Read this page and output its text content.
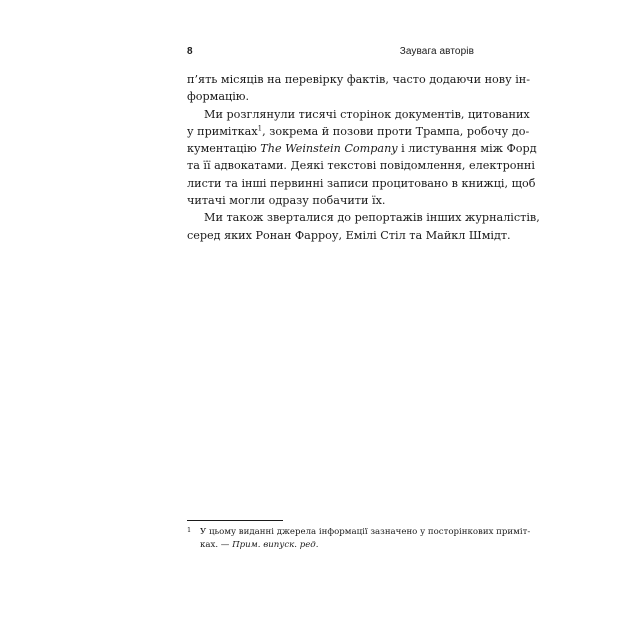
8	Заувага авторів

п’ять місяців на перевірку фактів, часто додаючи нову ін-
формацію.

Ми розглянули тисячі сторінок документів, цитованих
у примітках$^1$, зокрема й позови проти Трампа, робочу до-
кументацію The Weinstein Company і листування між Форд
та її адвокатами. Деякі текстові повідомлення, електронні
листи та інші первинні записи процитовано в книжці, щоб
читачі могли одразу побачити їх.

Ми також зверталися до репортажів інших журналістів,
серед яких Ронан Фарроу, Емілі Стіл та Майкл Шмідт.

1	У цьому виданні джерела інформації зазначено у посторінкових приміт-
ках. — Прим. випуск. ред.
